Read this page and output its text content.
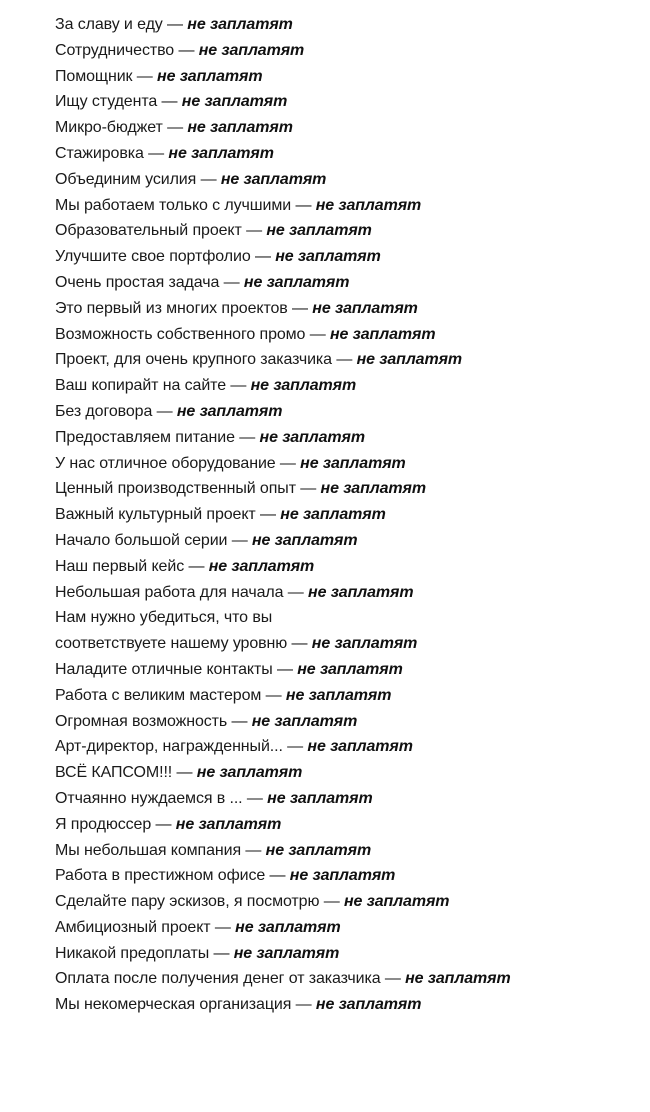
За славу и еду — не заплатят
Сотрудничество — не заплатят
Помощник — не заплатят
Ищу студента — не заплатят
Микро-бюджет — не заплатят
Стажировка — не заплатят
Объединим усилия — не заплатят
Мы работаем только с лучшими — не заплатят
Образовательный проект — не заплатят
Улучшите свое портфолио — не заплатят
Очень простая задача — не заплатят
Это первый из многих проектов — не заплатят
Возможность собственного промо — не заплатят
Проект, для очень крупного заказчика — не заплатят
Ваш копирайт на сайте — не заплатят
Без договора — не заплатят
Предоставляем питание — не заплатят
У нас отличное оборудование — не заплатят
Ценный производственный опыт — не заплатят
Важный культурный проект — не заплатят
Начало большой серии — не заплатят
Наш первый кейс — не заплатят
Небольшая работа для начала — не заплатят
Нам нужно убедиться, что вы
соответствуете нашему уровню — не заплатят
Наладите отличные контакты — не заплатят
Работа с великим мастером — не заплатят
Огромная возможность — не заплатят
Арт-директор, награжденный... — не заплатят
ВСЁ КАПСОМ!!! — не заплатят
Отчаянно нуждаемся в ... — не заплатят
Я продюссер — не заплатят
Мы небольшая компания — не заплатят
Работа в престижном офисе — не заплатят
Сделайте пару эскизов, я посмотрю — не заплатят
Амбициозный проект — не заплатят
Никакой предоплаты — не заплатят
Оплата после получения денег от заказчика — не заплатят
Мы некомерческая организация — не заплатят
